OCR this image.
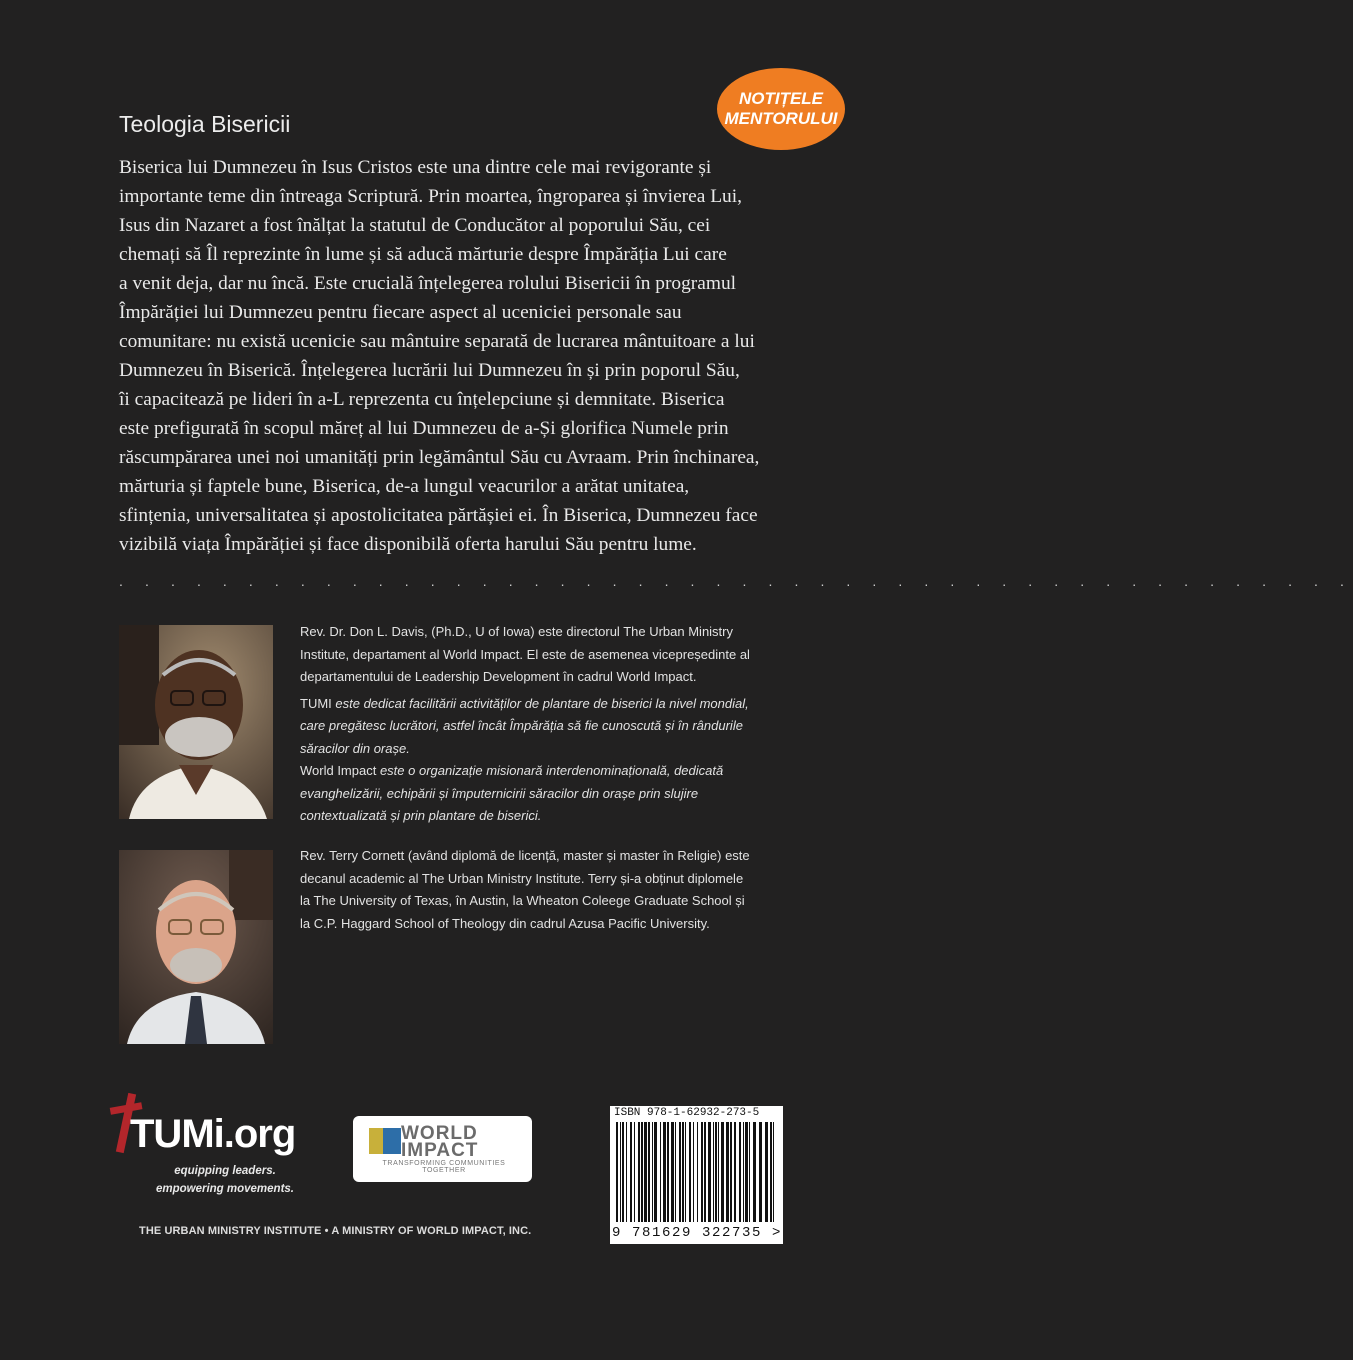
NOTIȚELE
MENTORULUI
Teologia Bisericii
Biserica lui Dumnezeu în Isus Cristos este una dintre cele mai revigorante și
importante teme din întreaga Scriptură. Prin moartea, îngroparea și învierea Lui,
Isus din Nazaret a fost înălțat la statutul de Conducător al poporului Său, cei
chemați să Îl reprezinte în lume și să aducă mărturie despre Împărăția Lui care
a venit deja, dar nu încă. Este crucială înțelegerea rolului Bisericii în programul
Împărăției lui Dumnezeu pentru fiecare aspect al uceniciei personale sau
comunitare: nu există ucenicie sau mântuire separată de lucrarea mântuitoare a lui
Dumnezeu în Biserică. Înțelegerea lucrării lui Dumnezeu în și prin poporul Său,
îi capacitează pe lideri în a-L reprezenta cu înțelepciune și demnitate. Biserica
este prefigurată în scopul măreț al lui Dumnezeu de a-Și glorifica Numele prin
răscumpărarea unei noi umanități prin legământul Său cu Avraam. Prin închinarea,
mărturia și faptele bune, Biserica, de-a lungul veacurilor a arătat unitatea,
sfințenia, universalitatea și apostolicitatea părtășiei ei. În Biserica, Dumnezeu face
vizibilă viața Împărăției și face disponibilă oferta harului Său pentru lume.
. . . . . . . . . . . . . . . . . . . . . . . . . . . . . . . . . . . . . . . . . . . . . . . .

Rev. Dr. Don L. Davis, (Ph.D., U of Iowa) este directorul The Urban Ministry
Institute, departament al World Impact. El este de asemenea vicepreședinte al
departamentului de Leadership Development în cadrul World Impact.

TUMI este dedicat facilitării activităților de plantare de biserici la nivel mondial,
care pregătesc lucrători, astfel încât Împărăția să fie cunoscută și în rândurile
săracilor din orașe.

World Impact este o organizație misionară interdenominațională, dedicată
evanghelizării, echipării și împuternicirii săracilor din orașe prin slujire
contextualizată și prin plantare de biserici.

Rev. Terry Cornett (având diplomă de licență, master și master în Religie) este
decanul academic al The Urban Ministry Institute. Terry și-a obținut diplomele
la The University of Texas, în Austin, la Wheaton Coleege Graduate School și
la C.P. Haggard School of Theology din cadrul Azusa Pacific University.

TUMi.org
equipping leaders.
empowering movements.
WORLD
IMPACT
TRANSFORMING COMMUNITIES TOGETHER
THE URBAN MINISTRY INSTITUTE • A MINISTRY OF WORLD IMPACT, INC.
ISBN 978-1-62932-273-5
9 781629 322735 >
